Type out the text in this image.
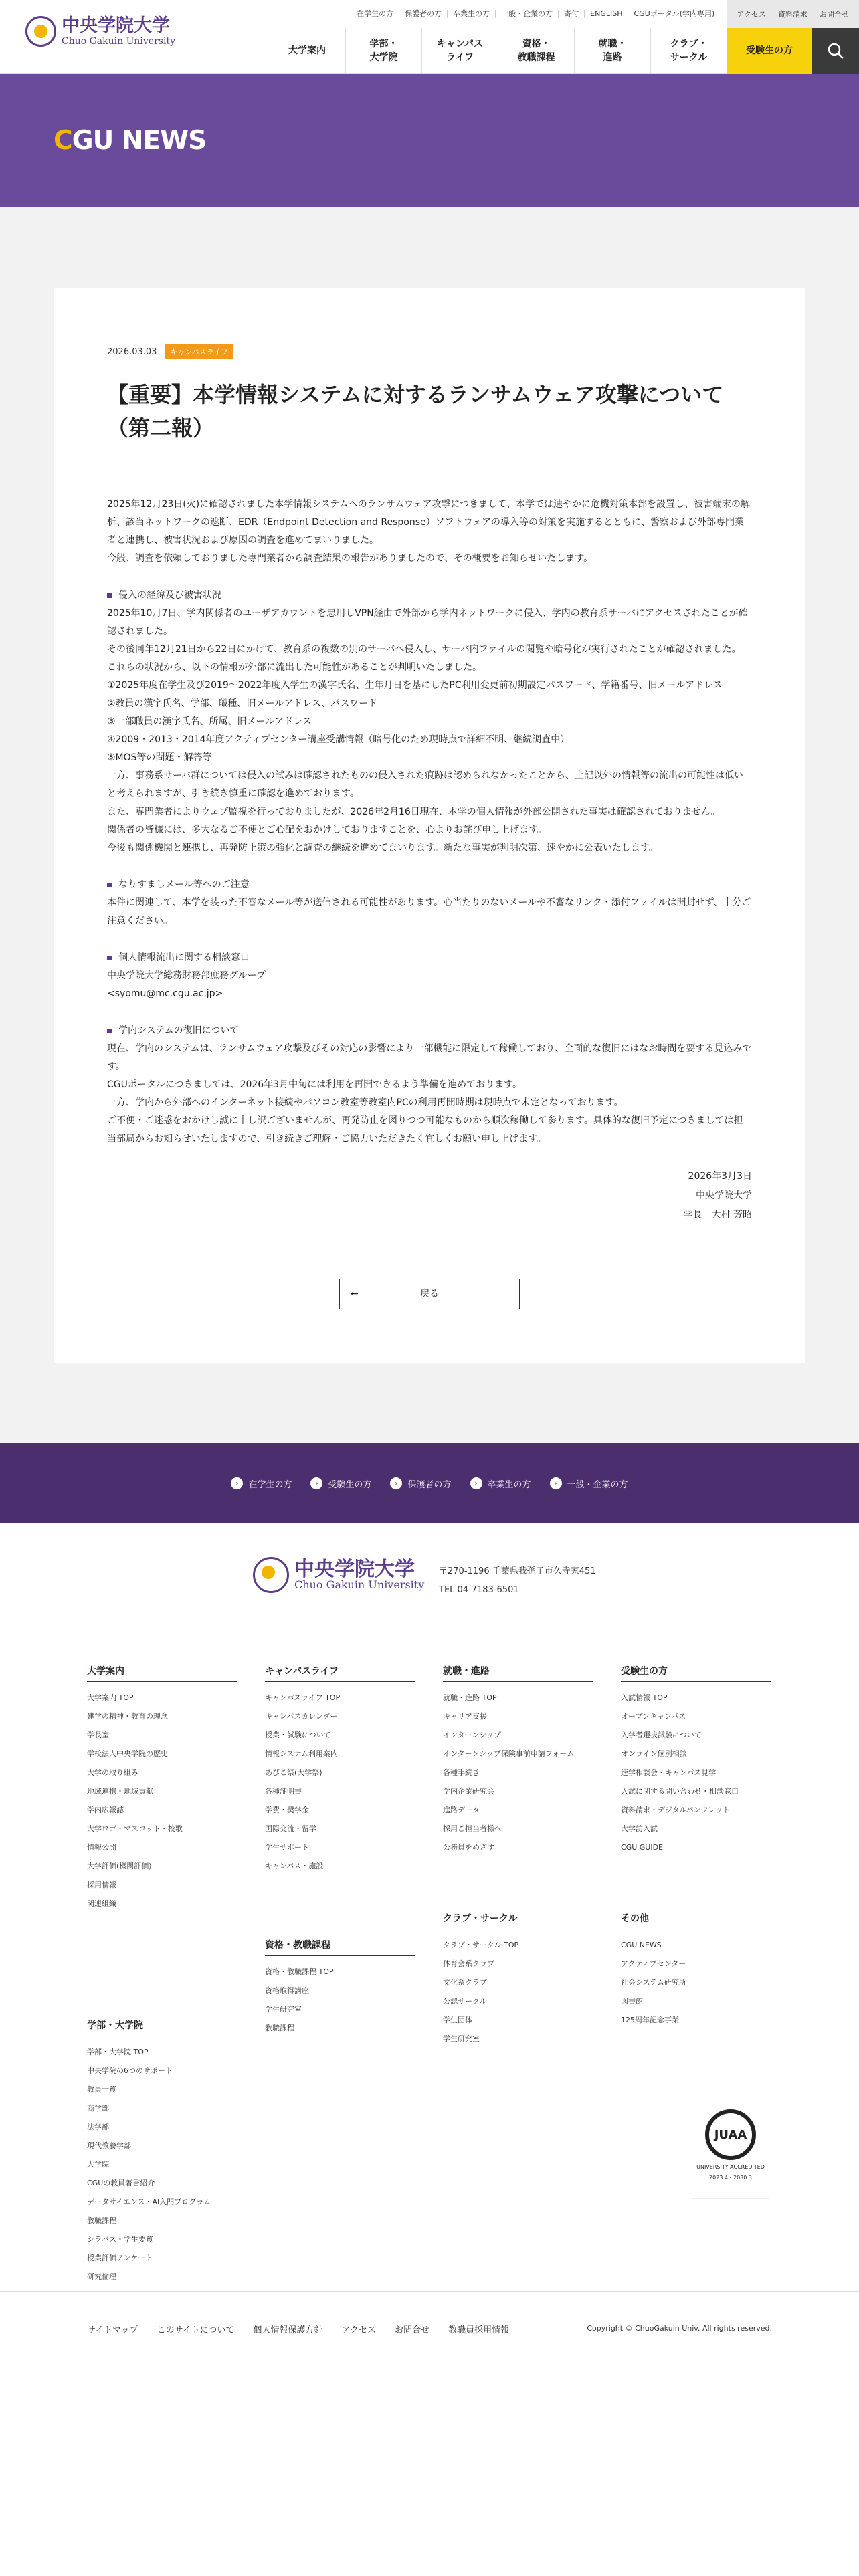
中央学院大学
Chuo Gakuin University
在学生の方	保護者の方	卒業生の方	一般・企業の方	寄付	ENGLISH	CGUポータル(学内専用)	アクセス	資料請求	お問合せ
大学案内
学部・
大学院
キャンパス
ライフ
資格・
教職課程
就職・
進路
クラブ・
サークル
受験生の方
CGU NEWS
2026.03.03	キャンパスライフ
【重要】本学情報システムに対するランサムウェア攻撃について（第二報）

2025年12月23日(火)に確認されました本学情報システムへのランサムウェア攻撃につきまして、本学では速やかに危機対策本部を設置し、被害端末の解析、該当ネットワークの遮断、EDR（Endpoint Detection and Response）ソフトウェアの導入等の対策を実施するとともに、警察および外部専門業者と連携し、被害状況および原因の調査を進めてまいりました。

今般、調査を依頼しておりました専門業者から調査結果の報告がありましたので、その概要をお知らせいたします。

侵入の経緯及び被害状況

2025年10月7日、学内関係者のユーザアカウントを悪用しVPN経由で外部から学内ネットワークに侵入、学内の教育系サーバにアクセスされたことが確認されました。

その後同年12月21日から22日にかけて、教育系の複数の別のサーバへ侵入し、サーバ内ファイルの閲覧や暗号化が実行されたことが確認されました。

これらの状況から、以下の情報が外部に流出した可能性があることが判明いたしました。

①2025年度在学生及び2019〜2022年度入学生の漢字氏名、生年月日を基にしたPC利用変更前初期設定パスワード、学籍番号、旧メールアドレス

②教員の漢字氏名、学部、職種、旧メールアドレス、パスワード

③一部職員の漢字氏名、所属、旧メールアドレス

④2009・2013・2014年度アクティブセンター講座受講情報（暗号化のため現時点で詳細不明、継続調査中）

⑤MOS等の問題・解答等

一方、事務系サーバ群については侵入の試みは確認されたものの侵入された痕跡は認められなかったことから、上記以外の情報等の流出の可能性は低いと考えられますが、引き続き慎重に確認を進めております。

また、専門業者によりウェブ監視を行っておりましたが、2026年2月16日現在、本学の個人情報が外部公開された事実は確認されておりません。

関係者の皆様には、多大なるご不便とご心配をおかけしておりますことを、心よりお詫び申し上げます。

今後も関係機関と連携し、再発防止策の強化と調査の継続を進めてまいります。新たな事実が判明次第、速やかに公表いたします。

なりすましメール等へのご注意

本件に関連して、本学を装った不審なメール等が送信される可能性があります。心当たりのないメールや不審なリンク・添付ファイルは開封せず、十分ご注意ください。

個人情報流出に関する相談窓口

中央学院大学総務財務部庶務グループ

<syomu@mc.cgu.ac.jp>

学内システムの復旧について

現在、学内のシステムは、ランサムウェア攻撃及びその対応の影響により一部機能に限定して稼働しており、全面的な復旧にはなお時間を要する見込みです。

CGUポータルにつきましては、2026年3月中旬には利用を再開できるよう準備を進めております。

一方、学内から外部へのインターネット接続やパソコン教室等教室内PCの利用再開時期は現時点で未定となっております。

ご不便・ご迷惑をおかけし誠に申し訳ございませんが、再発防止を図りつつ可能なものから順次稼働して参ります。具体的な復旧予定につきましては担当部局からお知らせいたしますので、引き続きご理解・ご協力いただきたく宜しくお願い申し上げます。

2026年3月3日
中央学院大学
学長　大村 芳昭
←	戻る
›	在学生の方	›	受験生の方	›	保護者の方	›	卒業生の方	›	一般・企業の方
中央学院大学
Chuo Gakuin University
〒270-1196 千葉県我孫子市久寺家451
TEL 04-7183-6501
大学案内
大学案内 TOP
建学の精神・教育の理念
学長室
学校法人中央学院の歴史
大学の取り組み
地域連携・地域貢献
学内広報誌
大学ロゴ・マスコット・校歌
情報公開
大学評価(機関評価)
採用情報
関連組織
学部・大学院
学部・大学院 TOP
中央学院の6つのサポート
教員一覧
商学部
法学部
現代教養学部
大学院
CGUの教員著書紹介
データサイエンス・AI入門プログラム
教職課程
シラバス・学生要覧
授業評価アンケート
研究倫理
キャンパスライフ
キャンパスライフ TOP
キャンパスカレンダー
授業・試験について
情報システム利用案内
あびこ祭(大学祭)
各種証明書
学費・奨学金
国際交流・留学
学生サポート
キャンパス・施設
資格・教職課程
資格・教職課程 TOP
資格取得講座
学生研究室
教職課程
就職・進路
就職・進路 TOP
キャリア支援
インターンシップ
インターンシップ保険事前申請フォーム
各種手続き
学内企業研究会
進路データ
採用ご担当者様へ
公務員をめざす
クラブ・サークル
クラブ・サークル TOP
体育会系クラブ
文化系クラブ
公認サークル
学生団体
学生研究室
受験生の方
入試情報 TOP
オープンキャンパス
入学者選抜試験について
オンライン個別相談
進学相談会・キャンパス見学
入試に関する問い合わせ・相談窓口
資料請求・デジタルパンフレット
大学訪入試
CGU GUIDE
その他
CGU NEWS
アクティブセンター
社会システム研究所
図書館
125周年記念事業
JUAA
UNIVERSITY ACCREDITED
2023.4 - 2030.3
サイトマップ このサイトについて 個人情報保護方針 アクセス お問合せ 教職員採用情報	Copyright © ChuoGakuin Univ. All rights reserved.
